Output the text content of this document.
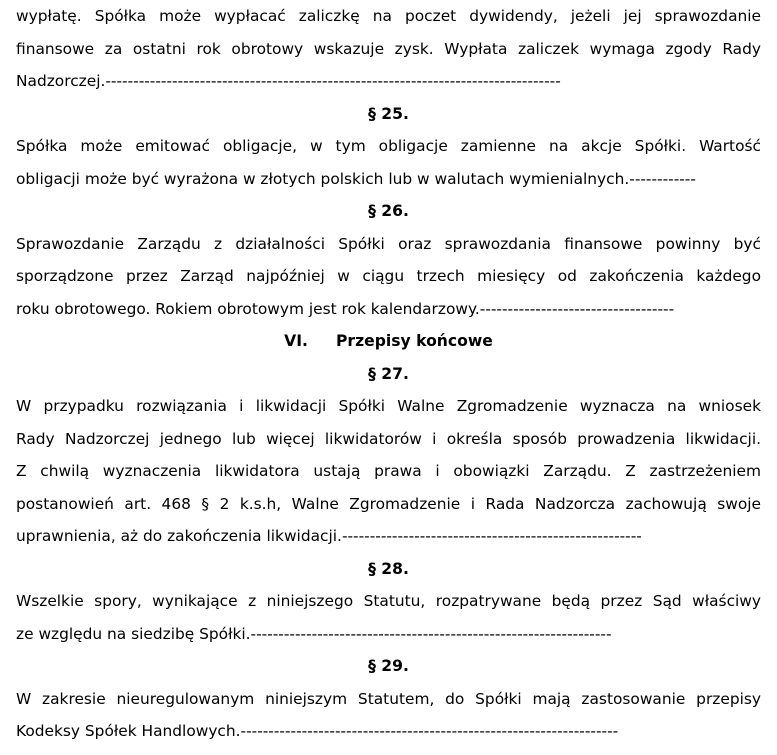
wypłatę. Spółka może wypłacać zaliczkę na poczet dywidendy, jeżeli jej sprawozdanie
finansowe za ostatni rok obrotowy wskazuje zysk. Wypłata zaliczek wymaga zgody Rady
Nadzorczej.----------------------------------------------------------------------------------
§ 25.
Spółka może emitować obligacje, w tym obligacje zamienne na akcje Spółki. Wartość
obligacji może być wyrażona w złotych polskich lub w walutach wymienialnych.------------
§ 26.
Sprawozdanie Zarządu z działalności Spółki oraz sprawozdania finansowe powinny być
sporządzone przez Zarząd najpóźniej w ciągu trzech miesięcy od zakończenia każdego
roku obrotowego. Rokiem obrotowym jest rok kalendarzowy.-----------------------------------
VI. Przepisy końcowe
§ 27.
W przypadku rozwiązania i likwidacji Spółki Walne Zgromadzenie wyznacza na wniosek
Rady Nadzorczej jednego lub więcej likwidatorów i określa sposób prowadzenia likwidacji.
Z chwilą wyznaczenia likwidatora ustają prawa i obowiązki Zarządu. Z zastrzeżeniem
postanowień art. 468 § 2 k.s.h, Walne Zgromadzenie i Rada Nadzorcza zachowują swoje
uprawnienia, aż do zakończenia likwidacji.------------------------------------------------------
§ 28.
Wszelkie spory, wynikające z niniejszego Statutu, rozpatrywane będą przez Sąd właściwy
ze względu na siedzibę Spółki.-----------------------------------------------------------------
§ 29.
W zakresie nieuregulowanym niniejszym Statutem, do Spółki mają zastosowanie przepisy
Kodeksy Spółek Handlowych.--------------------------------------------------------------------
